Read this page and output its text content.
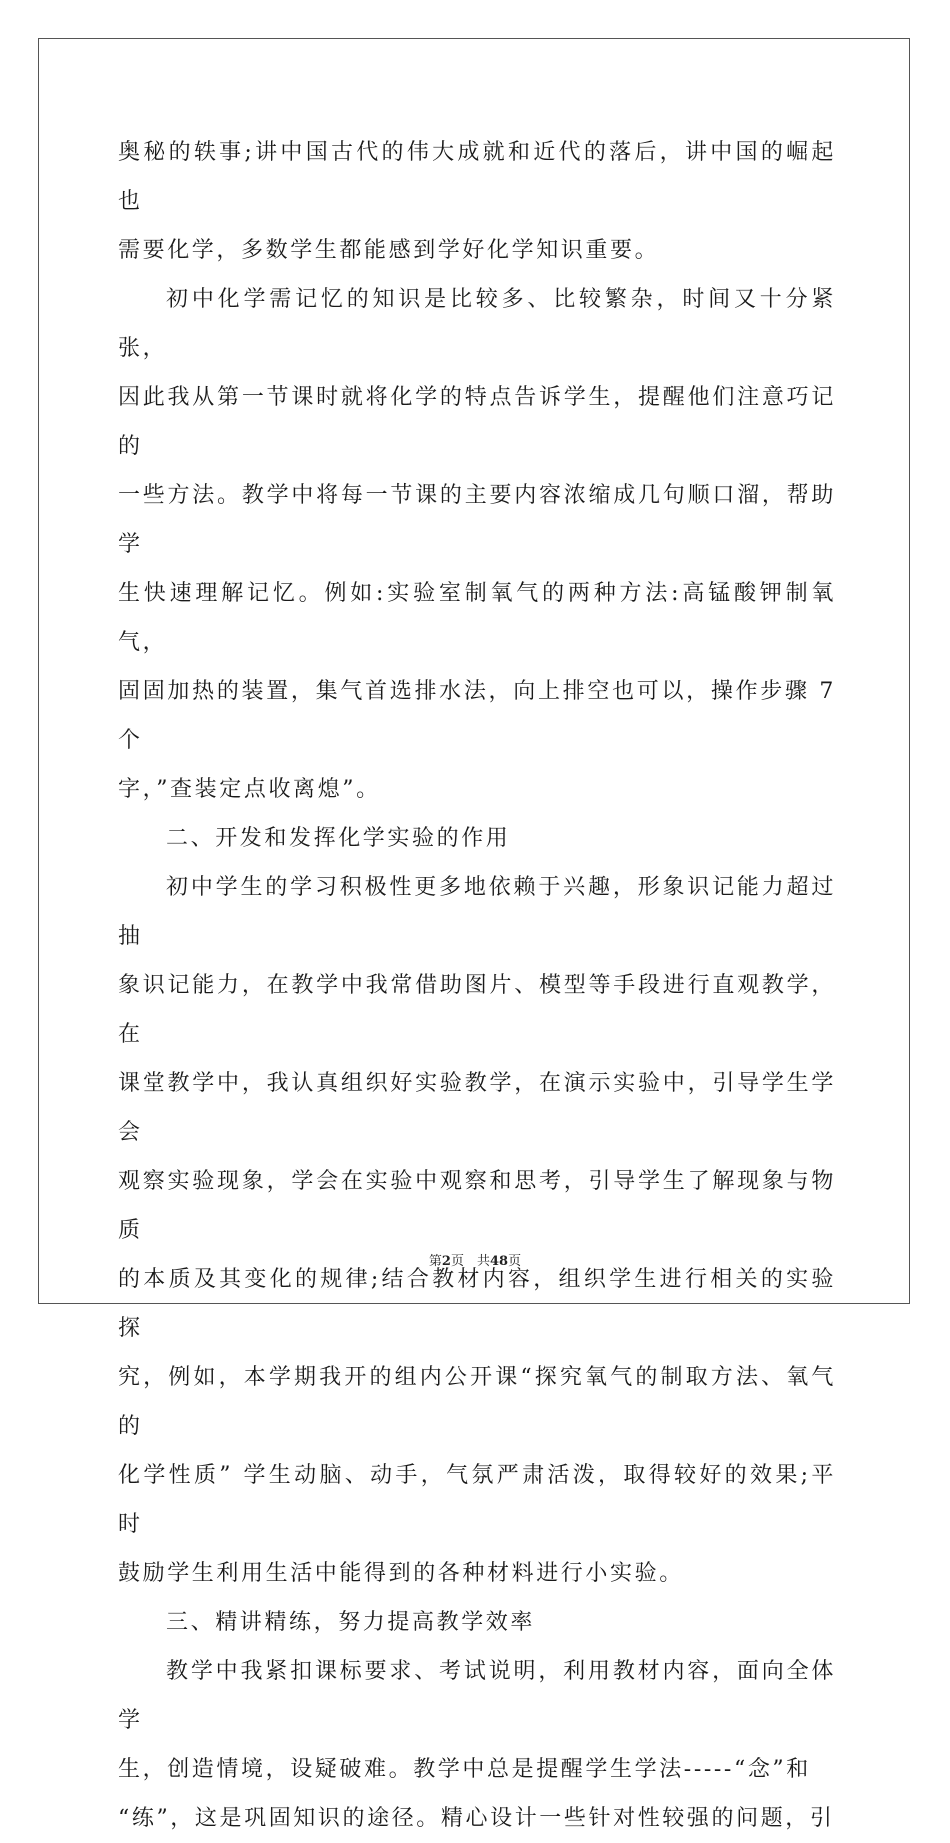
奥秘的轶事;讲中国古代的伟大成就和近代的落后，讲中国的崛起也
需要化学，多数学生都能感到学好化学知识重要。
初中化学需记忆的知识是比较多、比较繁杂，时间又十分紧张，
因此我从第一节课时就将化学的特点告诉学生，提醒他们注意巧记的
一些方法。教学中将每一节课的主要内容浓缩成几句顺口溜，帮助学
生快速理解记忆。例如:实验室制氧气的两种方法:高锰酸钾制氧气，
固固加热的装置，集气首选排水法，向上排空也可以，操作步骤 7 个
字，”查装定点收离熄”。
二、开发和发挥化学实验的作用
初中学生的学习积极性更多地依赖于兴趣，形象识记能力超过抽
象识记能力，在教学中我常借助图片、模型等手段进行直观教学，在
课堂教学中，我认真组织好实验教学，在演示实验中，引导学生学会
观察实验现象，学会在实验中观察和思考，引导学生了解现象与物质
的本质及其变化的规律;结合教材内容，组织学生进行相关的实验探
究，例如，本学期我开的组内公开课“探究氧气的制取方法、氧气的
化学性质” 学生动脑、动手，气氛严肃活泼，取得较好的效果;平时
鼓励学生利用生活中能得到的各种材料进行小实验。
三、精讲精练，努力提高教学效率
教学中我紧扣课标要求、考试说明，利用教材内容，面向全体学
生，创造情境，设疑破难。教学中总是提醒学生学法-----“念”和
“练”，这是巩固知识的途径。精心设计一些针对性较强的问题，引
第2页　共48页
